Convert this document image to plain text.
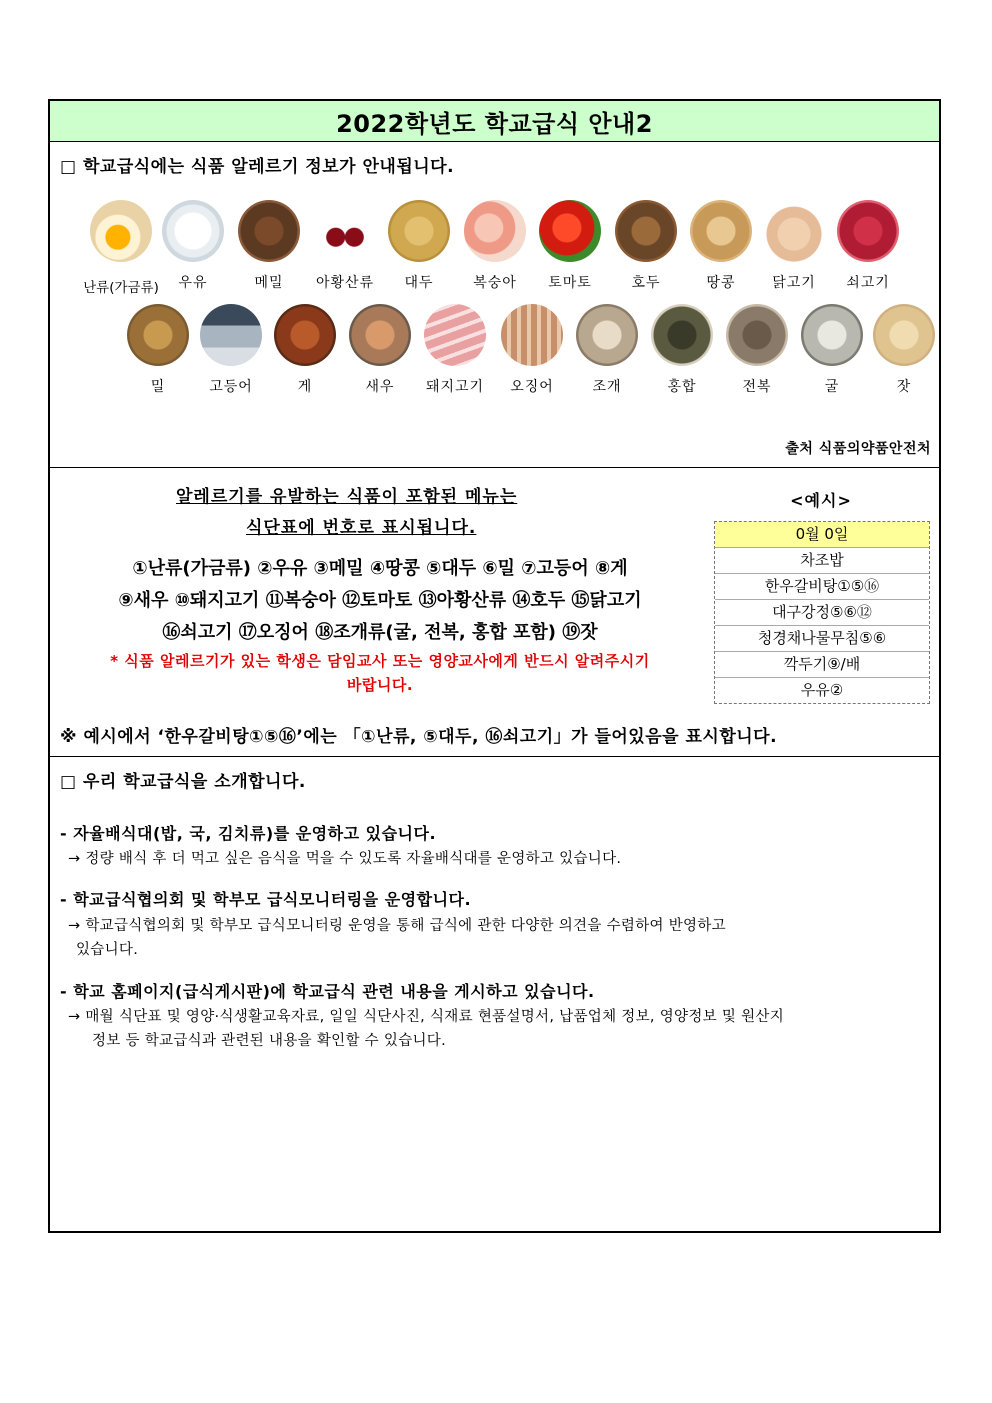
2022학년도 학교급식 안내2
□ 학교급식에는 식품 알레르기 정보가 안내됩니다.
난류(가금류)	우유	메밀	아황산류	대두	복숭아	토마토	호두	땅콩	닭고기	쇠고기
밀	고등어	게	새우	돼지고기	오징어	조개	홍합	전복	굴	잣
출처 식품의약품안전처
알레르기를 유발하는 식품이 포함된 메뉴는
식단표에 번호로 표시됩니다.
①난류(가금류) ②우유 ③메밀 ④땅콩 ⑤대두 ⑥밀 ⑦고등어 ⑧게
⑨새우 ⑩돼지고기 ⑪복숭아 ⑫토마토 ⑬아황산류 ⑭호두 ⑮닭고기
⑯쇠고기 ⑰오징어 ⑱조개류(굴, 전복, 홍합 포함) ⑲잣
* 식품 알레르기가 있는 학생은 담임교사 또는 영양교사에게 반드시 알려주시기
바랍니다.
<예시>
0월 0일
차조밥
한우갈비탕①⑤⑯
대구강정⑤⑥⑫
청경채나물무침⑤⑥
깍두기⑨/배
우유②
※ 예시에서 ‘한우갈비탕①⑤⑯’에는 「①난류, ⑤대두, ⑯쇠고기」가 들어있음을 표시합니다.
□ 우리 학교급식을 소개합니다.
- 자율배식대(밥, 국, 김치류)를 운영하고 있습니다.
→ 정량 배식 후 더 먹고 싶은 음식을 먹을 수 있도록 자율배식대를 운영하고 있습니다.
- 학교급식협의회 및 학부모 급식모니터링을 운영합니다.
→ 학교급식협의회 및 학부모 급식모니터링 운영을 통해 급식에 관한 다양한 의견을 수렴하여 반영하고
있습니다.
- 학교 홈페이지(급식게시판)에 학교급식 관련 내용을 게시하고 있습니다.
→ 매월 식단표 및 영양·식생활교육자료, 일일 식단사진, 식재료 현품설명서, 납품업체 정보, 영양정보 및 원산지
정보 등 학교급식과 관련된 내용을 확인할 수 있습니다.
